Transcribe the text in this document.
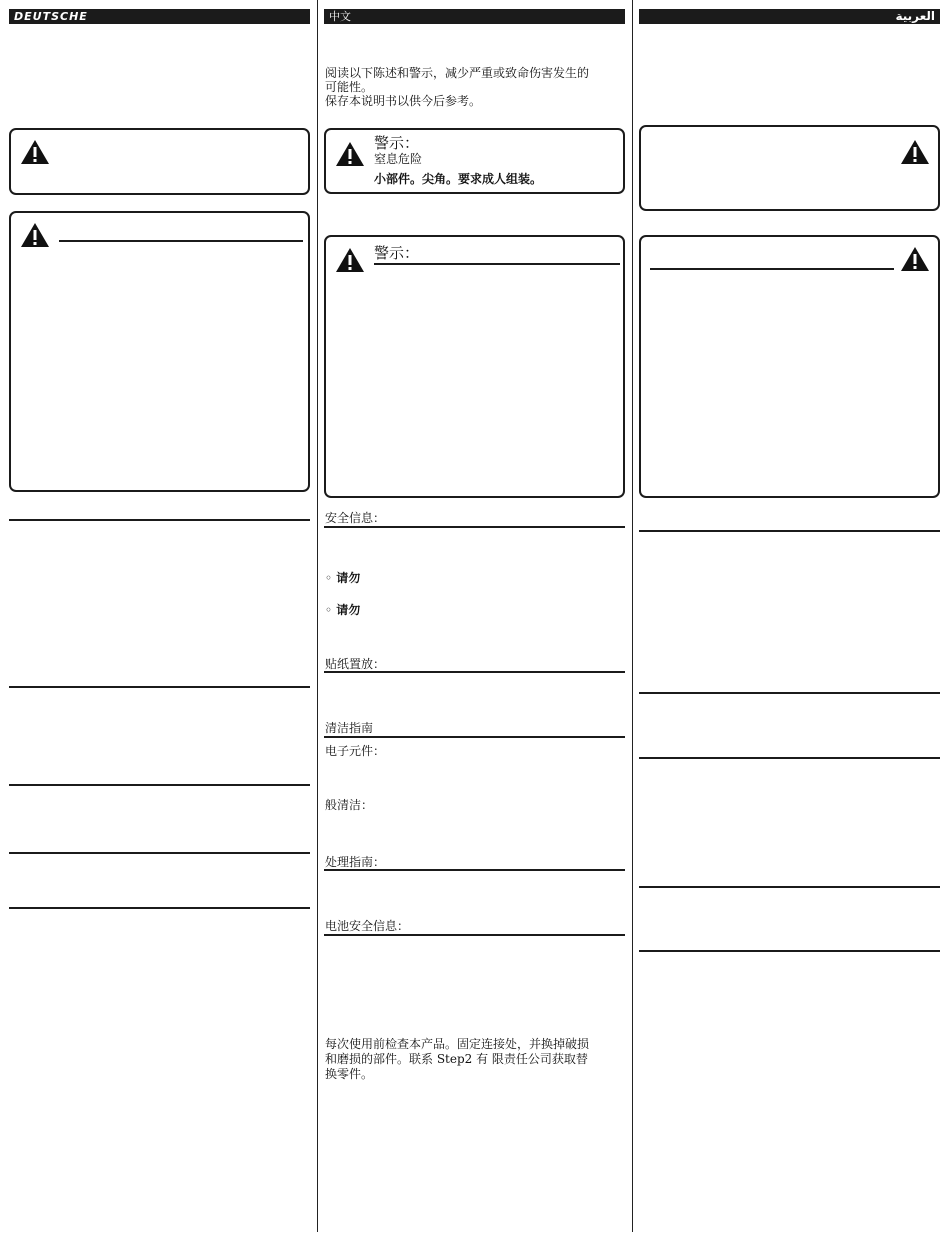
DEUTSCHE	中文
阅读以下陈述和警示，减少严重或致命伤害发生的
可能性。
保存本说明书以供今后参考。
警示：
窒息危险
小部件。尖角。要求成人组装。
警示：
安全信息：
◦ 请勿
◦ 请勿
贴纸置放：
清洁指南
电子元件：
般清洁：
处理指南：
电池安全信息：
每次使用前检查本产品。固定连接处，并换掉破损
和磨损的部件。联系 Step2 有 限责任公司获取替
换零件。
العربية
